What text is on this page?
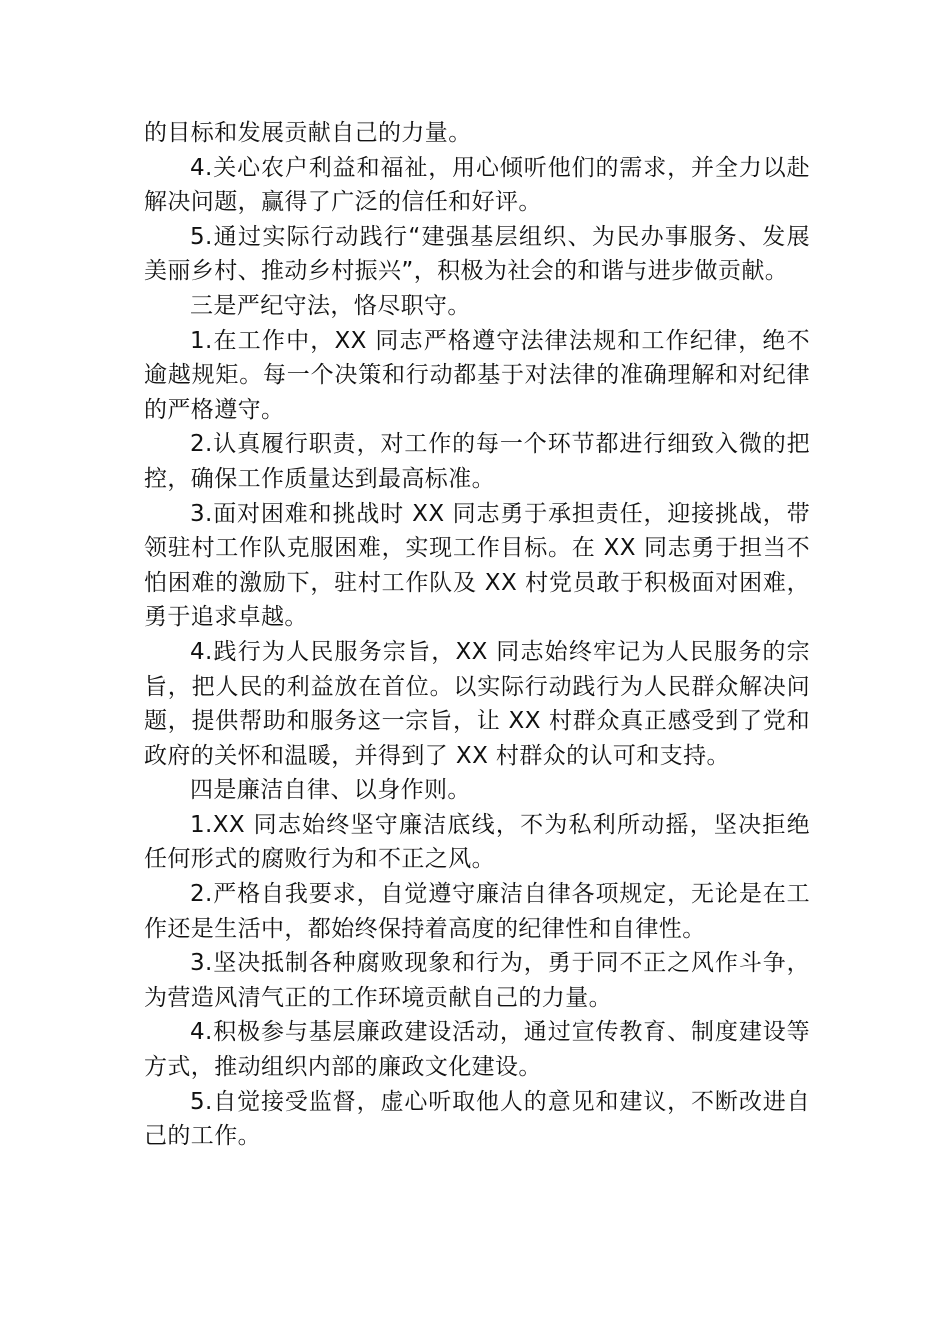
的目标和发展贡献自己的力量。

4.关心农户利益和福祉，用心倾听他们的需求，并全力以赴解决问题，赢得了广泛的信任和好评。

5.通过实际行动践行“建强基层组织、为民办事服务、发展美丽乡村、推动乡村振兴”，积极为社会的和谐与进步做贡献。

三是严纪守法，恪尽职守。

1.在工作中，XX 同志严格遵守法律法规和工作纪律，绝不逾越规矩。每一个决策和行动都基于对法律的准确理解和对纪律的严格遵守。

2.认真履行职责，对工作的每一个环节都进行细致入微的把控，确保工作质量达到最高标准。

3.面对困难和挑战时 XX 同志勇于承担责任，迎接挑战，带领驻村工作队克服困难，实现工作目标。在 XX 同志勇于担当不怕困难的激励下，驻村工作队及 XX 村党员敢于积极面对困难，勇于追求卓越。

4.践行为人民服务宗旨，XX 同志始终牢记为人民服务的宗旨，把人民的利益放在首位。以实际行动践行为人民群众解决问题，提供帮助和服务这一宗旨，让 XX 村群众真正感受到了党和政府的关怀和温暖，并得到了 XX 村群众的认可和支持。

四是廉洁自律、以身作则。

1.XX 同志始终坚守廉洁底线，不为私利所动摇，坚决拒绝任何形式的腐败行为和不正之风。

2.严格自我要求，自觉遵守廉洁自律各项规定，无论是在工作还是生活中，都始终保持着高度的纪律性和自律性。

3.坚决抵制各种腐败现象和行为，勇于同不正之风作斗争，为营造风清气正的工作环境贡献自己的力量。

4.积极参与基层廉政建设活动，通过宣传教育、制度建设等方式，推动组织内部的廉政文化建设。

5.自觉接受监督，虚心听取他人的意见和建议，不断改进自己的工作。
